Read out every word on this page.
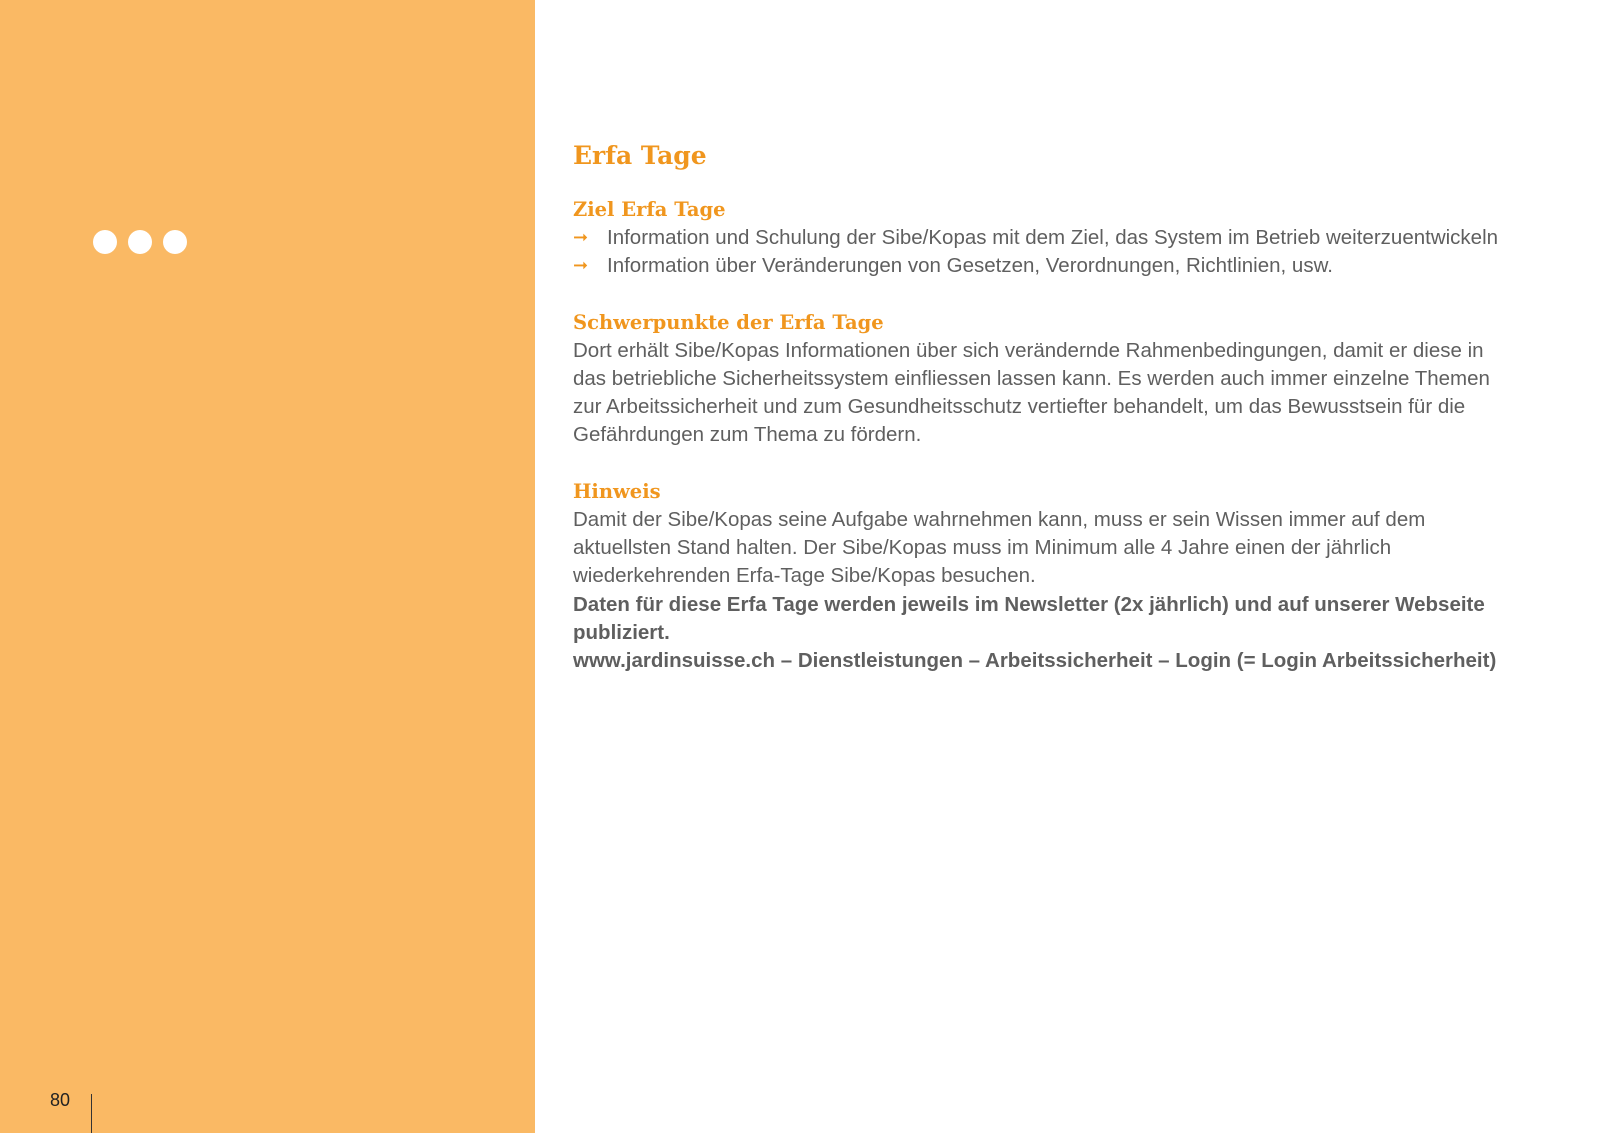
80
Erfa Tage
Ziel Erfa Tage
➞ Information und Schulung der Sibe/Kopas mit dem Ziel, das System im Betrieb weiterzuentwickeln
➞ Information über Veränderungen von Gesetzen, Verordnungen, Richtlinien, usw.
Schwerpunkte der Erfa Tage

Dort erhält Sibe/Kopas Informationen über sich verändernde Rahmenbedingungen, damit er diese in das betriebliche Sicherheitssystem einfliessen lassen kann. Es werden auch immer einzelne Themen zur Arbeitssicherheit und zum Gesundheitsschutz vertiefter behandelt, um das Bewusstsein für die Gefährdungen zum Thema zu fördern.

Hinweis

Damit der Sibe/Kopas seine Aufgabe wahrnehmen kann, muss er sein Wissen immer auf dem aktuellsten Stand halten. Der Sibe/Kopas muss im Minimum alle 4 Jahre einen der jährlich wiederkehrenden Erfa-Tage Sibe/Kopas besuchen.

Daten für diese Erfa Tage werden jeweils im Newsletter (2x jährlich) und auf unserer Webseite publiziert.

www.jardinsuisse.ch – Dienstleistungen – Arbeitssicherheit – Login (= Login Arbeitssicherheit)
